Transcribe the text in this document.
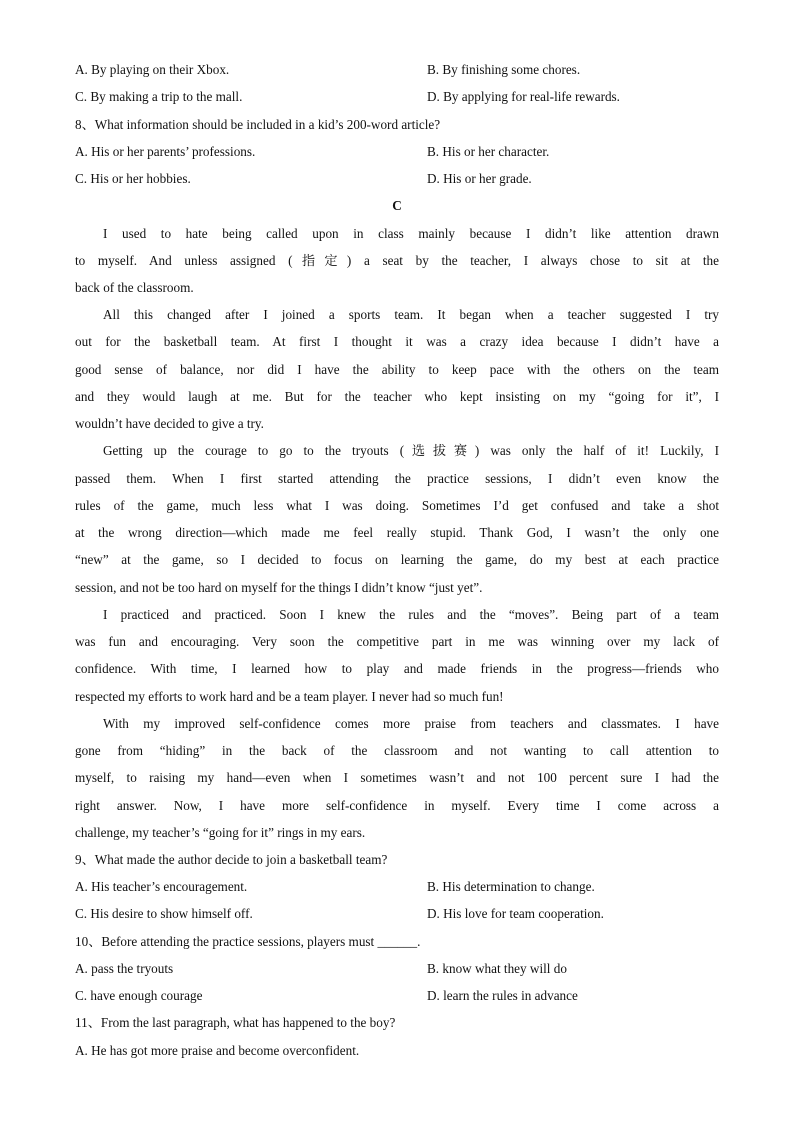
A. By playing on their Xbox.	B. By finishing some chores.
C. By making a trip to the mall.	D. By applying for real-life rewards.
8、What information should be included in a kid’s 200-word article?
A. His or her parents’ professions.	B. His or her character.
C. His or her hobbies.	D. His or her grade.
C
I used to hate being called upon in class mainly because I didn’t like attention drawn
to myself. And unless assigned (指定) a seat by the teacher, I always chose to sit at the
back of the classroom.
All this changed after I joined a sports team. It began when a teacher suggested I try
out for the basketball team. At first I thought it was a crazy idea because I didn’t have a
good sense of balance, nor did I have the ability to keep pace with the others on the team
and they would laugh at me. But for the teacher who kept insisting on my “going for it”, I
wouldn’t have decided to give a try.
Getting up the courage to go to the tryouts (选拔赛) was only the half of it! Luckily, I
passed them. When I first started attending the practice sessions, I didn’t even know the
rules of the game, much less what I was doing. Sometimes I’d get confused and take a shot
at the wrong direction—which made me feel really stupid. Thank God, I wasn’t the only one
“new” at the game, so I decided to focus on learning the game, do my best at each practice
session, and not be too hard on myself for the things I didn’t know “just yet”.
I practiced and practiced. Soon I knew the rules and the “moves”. Being part of a team
was fun and encouraging. Very soon the competitive part in me was winning over my lack of
confidence. With time, I learned how to play and made friends in the progress—friends who
respected my efforts to work hard and be a team player. I never had so much fun!
With my improved self-confidence comes more praise from teachers and classmates. I have
gone from “hiding” in the back of the classroom and not wanting to call attention to
myself, to raising my hand—even when I sometimes wasn’t and not 100 percent sure I had the
right answer. Now, I have more self-confidence in myself. Every time I come across a
challenge, my teacher’s “going for it” rings in my ears.
9、What made the author decide to join a basketball team?
A. His teacher’s encouragement.	B. His determination to change.
C. His desire to show himself off.	D. His love for team cooperation.
10、Before attending the practice sessions, players must ______.
A. pass the tryouts	B. know what they will do
C. have enough courage	D. learn the rules in advance
11、From the last paragraph, what has happened to the boy?
A. He has got more praise and become overconfident.
